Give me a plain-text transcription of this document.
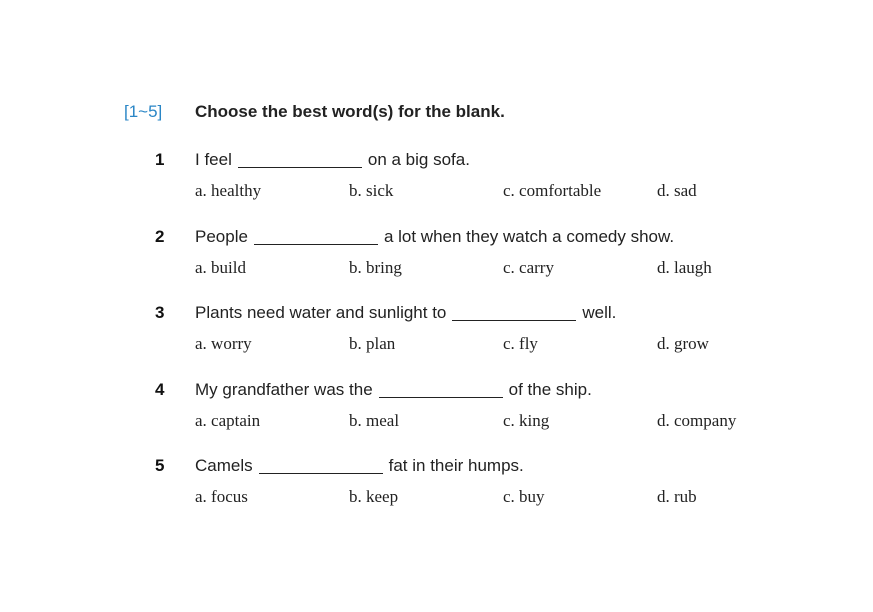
[1~5]	Choose the best word(s) for the blank.
1 I feel	on a big sofa.
a. healthy	b. sick	c. comfortable	d. sad
2 People	a lot when they watch a comedy show.
a. build	b. bring	c. carry	d. laugh
3 Plants need water and sunlight to	well.
a. worry	b. plan	c. fly	d. grow
4 My grandfather was the	of the ship.
a. captain	b. meal	c. king	d. company
5 Camels	fat in their humps.
a. focus	b. keep	c. buy	d. rub
